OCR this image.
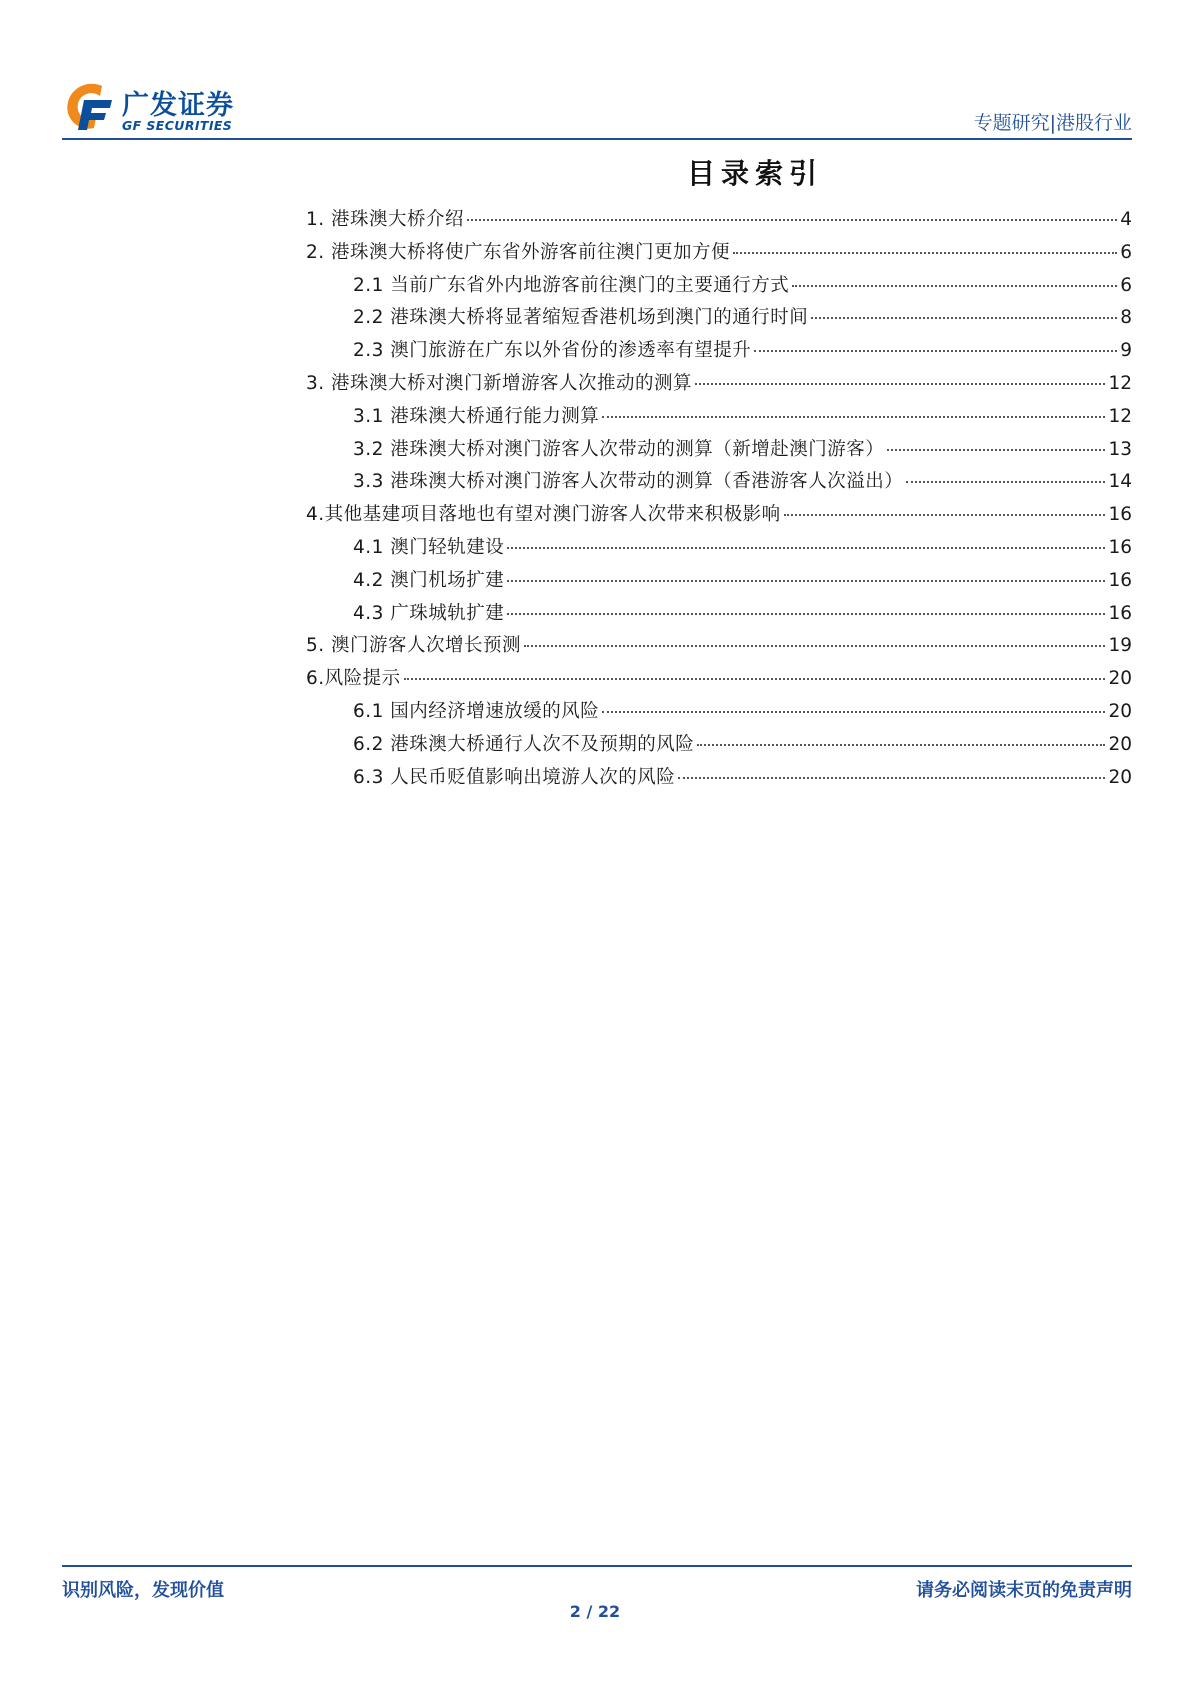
广发证券
GF SECURITIES	专题研究|港股行业
目录索引
1. 港珠澳大桥介绍	4
2. 港珠澳大桥将使广东省外游客前往澳门更加方便	6
2.1 当前广东省外内地游客前往澳门的主要通行方式	6
2.2 港珠澳大桥将显著缩短香港机场到澳门的通行时间	8
2.3 澳门旅游在广东以外省份的渗透率有望提升	9
3. 港珠澳大桥对澳门新增游客人次推动的测算	12
3.1 港珠澳大桥通行能力测算	12
3.2 港珠澳大桥对澳门游客人次带动的测算（新增赴澳门游客）	13
3.3 港珠澳大桥对澳门游客人次带动的测算（香港游客人次溢出）	14
4.其他基建项目落地也有望对澳门游客人次带来积极影响	16
4.1 澳门轻轨建设	16
4.2 澳门机场扩建	16
4.3 广珠城轨扩建	16
5. 澳门游客人次增长预测	19
6.风险提示	20
6.1 国内经济增速放缓的风险	20
6.2 港珠澳大桥通行人次不及预期的风险	20
6.3 人民币贬值影响出境游人次的风险	20
识别风险，发现价值	请务必阅读末页的免责声明
2 / 22
